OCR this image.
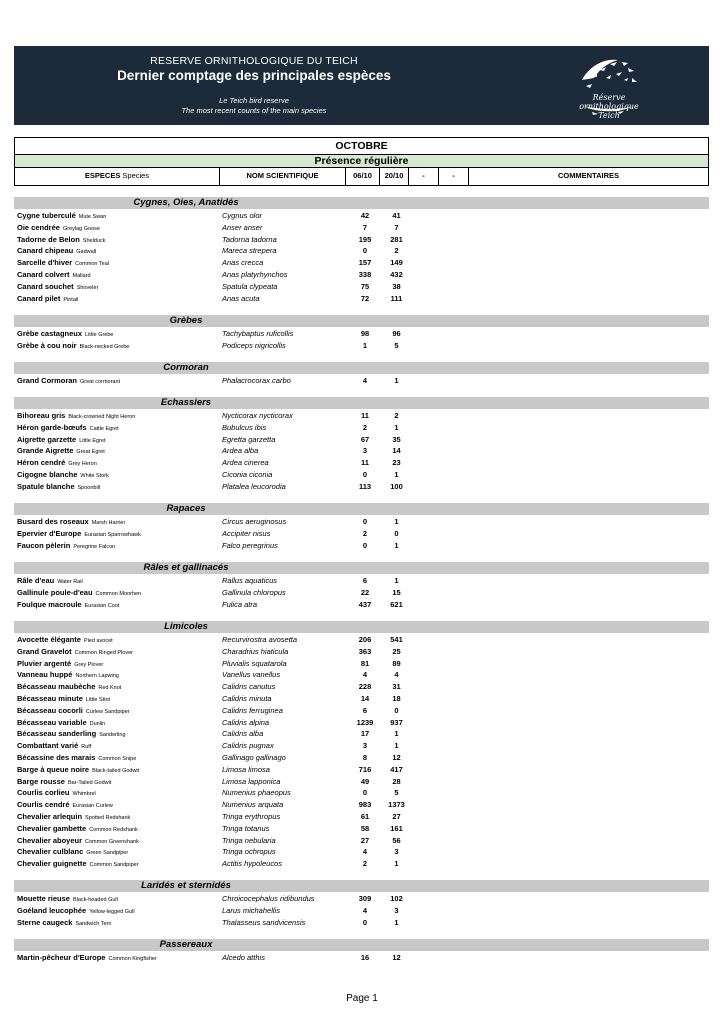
RESERVE ORNITHOLOGIQUE DU TEICH
Dernier comptage des principales espèces
Le Teich bird reserve
The most recent counts of the main species
Réserve ornithologique Teich
OCTOBRE
Présence régulière
ESPECES Species	NOM SCIENTIFIQUE	06/10	20/10	-	-	COMMENTAIRES
Cygnes, Oies, Anatidés
Cygne tuberculé Mute Swan	Cygnus olor	42	41
Oie cendrée Greylag Goose	Anser anser	7	7
Tadorne de Belon Shelduck	Tadorna tadorna	195	281
Canard chipeau Gadwall	Mareca strepera	0	2
Sarcelle d'hiver Common Teal	Anas crecca	157	149
Canard colvert Mallard	Anas platyrhynchos	338	432
Canard souchet Shoveler	Spatula clypeata	75	38
Canard pilet Pintail	Anas acuta	72	111
Grèbes
Grèbe castagneux Little Grebe	Tachybaptus ruficollis	98	96
Grèbe à cou noir Black-necked Grebe	Podiceps nigricollis	1	5
Cormoran
Grand Cormoran Great cormorant	Phalacrocorax carbo	4	1
Echassiers
Bihoreau gris Black-crowned Night Heron	Nycticorax nycticorax	11	2
Héron garde-bœufs Cattle Egret	Bubulcus ibis	2	1
Aigrette garzette Little Egret	Egretta garzetta	67	35
Grande Aigrette Great Egret	Ardea alba	3	14
Héron cendré Grey Heron	Ardea cinerea	11	23
Cigogne blanche White Stork	Ciconia ciconia	0	1
Spatule blanche Spoonbill	Platalea leucorodia	113	100
Rapaces
Busard des roseaux Marsh Harrier	Circus aeruginosus	0	1
Epervier d'Europe Eurasian Sparrowhawk	Accipiter nisus	2	0
Faucon pèlerin Peregrine Falcon	Falco peregrinus	0	1
Râles et gallinacés
Râle d'eau Water Rail	Rallus aquaticus	6	1
Gallinule poule-d'eau Common Moorhen	Gallinula chloropus	22	15
Foulque macroule Eurasian Coot	Fulica atra	437	621
Limicoles
Avocette élégante Pied avocet	Recurvirostra avosetta	206	541
Grand Gravelot Common Ringed Plover	Charadrius hiaticula	363	25
Pluvier argenté Grey Plover	Pluvialis squatarola	81	89
Vanneau huppé Northern Lapwing	Vanellus vanellus	4	4
Bécasseau maubèche Red Knot	Calidris canutus	228	31
Bécasseau minute Little Stint	Calidris minuta	14	18
Bécasseau cocorli Curlew Sandpiper	Calidris ferruginea	6	0
Bécasseau variable Dunlin	Calidris alpina	1239	937
Bécasseau sanderling Sanderling	Calidris alba	17	1
Combattant varié Ruff	Calidris pugnax	3	1
Bécassine des marais Common Snipe	Gallinago gallinago	8	12
Barge à queue noire Black-tailed Godwit	Limosa limosa	716	417
Barge rousse Bar-Tailed Godwit	Limosa lapponica	49	28
Courlis corlieu Whimbrel	Numenius phaeopus	0	5
Courlis cendré Eurasian Curlew	Numenius arquata	983	1373
Chevalier arlequin Spotted Redshank	Tringa erythropus	61	27
Chevalier gambette Common Redshank	Tringa totanus	58	161
Chevalier aboyeur Common Greenshank	Tringa nebularia	27	56
Chevalier culblanc Green Sandpiper	Tringa ochropus	4	3
Chevalier guignette Common Sandpiper	Actitis hypoleucos	2	1
Laridés et sternidés
Mouette rieuse Black-headed Gull	Chroicocephalus ridibundus	309	102
Goéland leucophée Yellow-legged Gull	Larus michahellis	4	3
Sterne caugeck Sandwich Tern	Thalasseus sandvicensis	0	1
Passereaux
Martin-pêcheur d'Europe Common Kingfisher	Alcedo atthis	16	12
Page 1
